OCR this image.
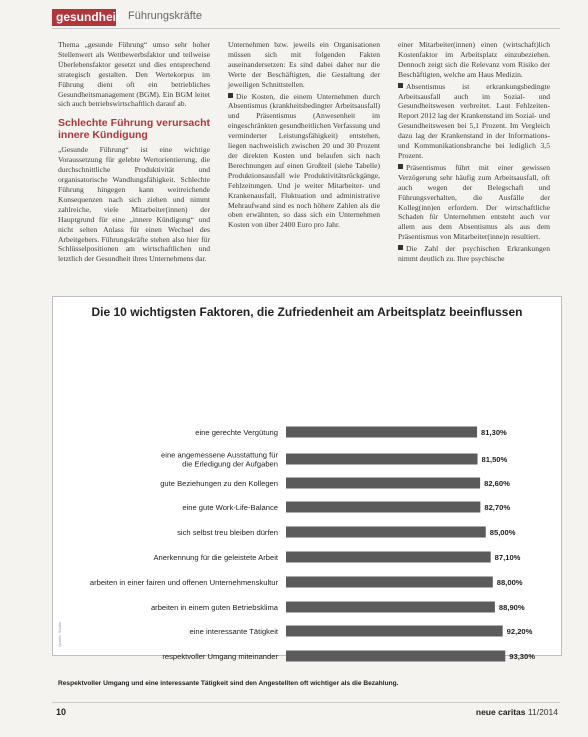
gesundheit Führungskräfte

Thema „gesunde Führung“ umso sehr hoher Stellenwert als Wettbewerbsfaktor und teilweise Überlebensfaktor gesetzt und dies entsprechend strategisch gestalten. Den Wertekorpus im Führung dient oft ein betriebliches Gesundheitsmanagement (BGM). Ein BGM leitet sich auch betriebswirtschaftlich darauf ab.

Schlechte Führung verursacht innere Kündigung

„Gesunde Führung“ ist eine wichtige Voraussetzung für gelebte Wertorientierung, die durchschnittliche Produktivität und organisatorische Wandlungsfähigkeit. Schlechte Führung hingegen kann weitreichende Konsequenzen nach sich ziehen und nimmt zahlreiche, viele Mitarbeiter(innen) der Hauptgrund für eine „innere Kündigung“ und nicht selten Anlass für einen Wechsel des Arbeitgebers. Führungskräfte stehen also hier für Schlüsselpositionen am wirtschaftlichen und letztlich der Gesundheit ihres Unternehmens dar.

Unternehmen bzw. jeweils ein Organisationen müssen sich mit folgenden Fakten auseinandersetzen: Es sind dabei daher nur die Werte der Beschäftigten, die Gestaltung der jeweiligen Schnittstellen.

Die Kosten, die einem Unternehmen durch Absentismus (krankheitsbedingter Arbeitsausfall) und Präsentismus (Anwesenheit im eingeschränkten gesundheitlichen Verfassung und verminderter Leistungsfähigkeit) entstehen, liegen nachweislich zwischen 20 und 30 Prozent der direkten Kosten und belaufen sich nach Berechnungen auf einen Großteil (siehe Tabelle) Produktionsausfall wie Produktivitätsrückgänge, Fehlzeitungen. Und je weiter Mitarbeiter- und Krankenausfall, Fluktuation und administrative Mehraufwand sind es noch höhere Zahlen als die oben erwähnten, so dass sich ein Unternehmen Kosten von über 2400 Euro pro Jahr.

einer Mitarbeiter(innen) einen (wirtschaft)lich Kostenfaktor im Arbeitsplatz einzubeziehen. Dennoch zeigt sich die Relevanz vom Risiko der Beschäftigten, welche am Haus Medizin.

Absentismus ist erkrankungsbedingte Arbeitsausfall auch im Sozial- und Gesundheitswesen verbreitet. Laut Fehlzeiten-Report 2012 lag der Krankenstand im Sozial- und Gesundheitswesen bei 5,1 Prozent. Im Vergleich dazu lag der Krankenstand in der Informations- und Kommunikationsbranche bei lediglich 3,5 Prozent.

Präsentismus führt mit einer gewissen Verzögerung sehr häufig zum Arbeitsausfall, oft auch wegen der Belegschaft und Führungsverhalten, die Ausfälle der Kolleg(inn)en erfordern. Der wirtschaftliche Schaden für Unternehmen entsteht auch vor allem aus dem Absentismus als aus dem Präsentismus von Mitarbeiter(inne)n resultiert.

Die Zahl der psychischen Erkrankungen nimmt deutlich zu. Ihre psychische

Die 10 wichtigsten Faktoren, die Zufriedenheit am Arbeitsplatz beeinflussen
Quelle: Studie
eine gerechte Vergütung	81,30%
eine angemessene Ausstattung für
die Erledigung der Aufgaben	81,50%
gute Beziehungen zu den Kollegen	82,60%
eine gute Work-Life-Balance	82,70%
sich selbst treu bleiben dürfen	85,00%
Anerkennung für die geleistete Arbeit	87,10%
arbeiten in einer fairen und offenen Unternehmenskultur	88,00%
arbeiten in einem guten Betriebsklima	88,90%
eine interessante Tätigkeit	92,20%
respektvoller Umgang miteinander	93,30%
Respektvoller Umgang und eine interessante Tätigkeit sind den Angestellten oft wichtiger als die Bezahlung.
10	neue caritas 11/2014
